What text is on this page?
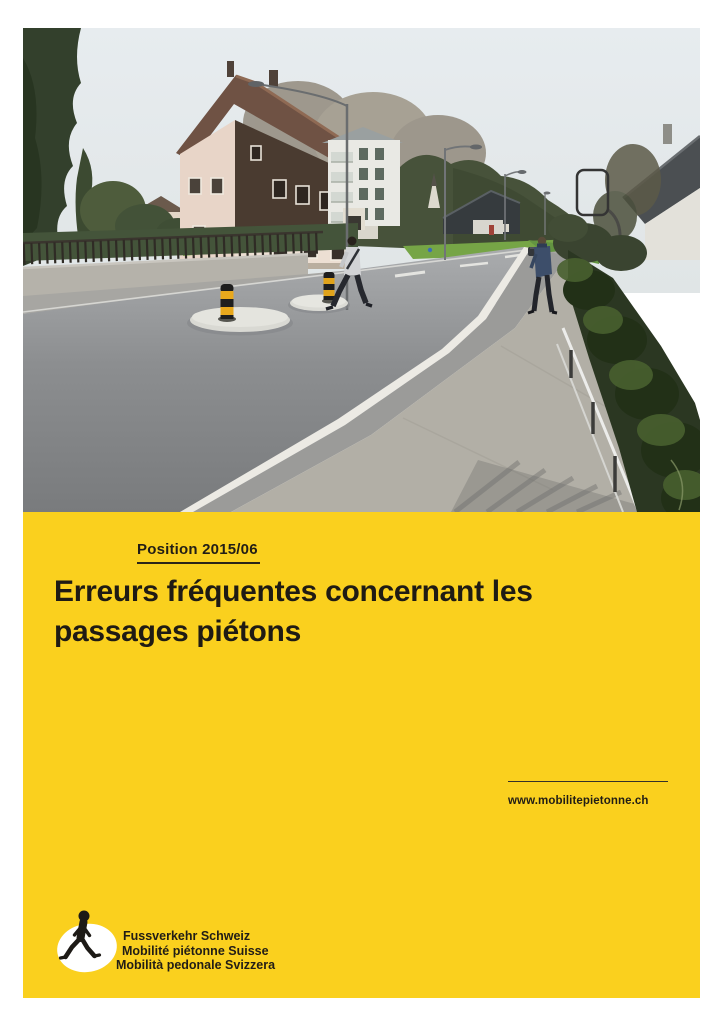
Position 2015/06
Erreurs fréquentes concernant les
passages piétons
www.mobilitepietonne.ch
Fussverkehr Schweiz
Mobilité piétonne Suisse
Mobilità pedonale Svizzera
